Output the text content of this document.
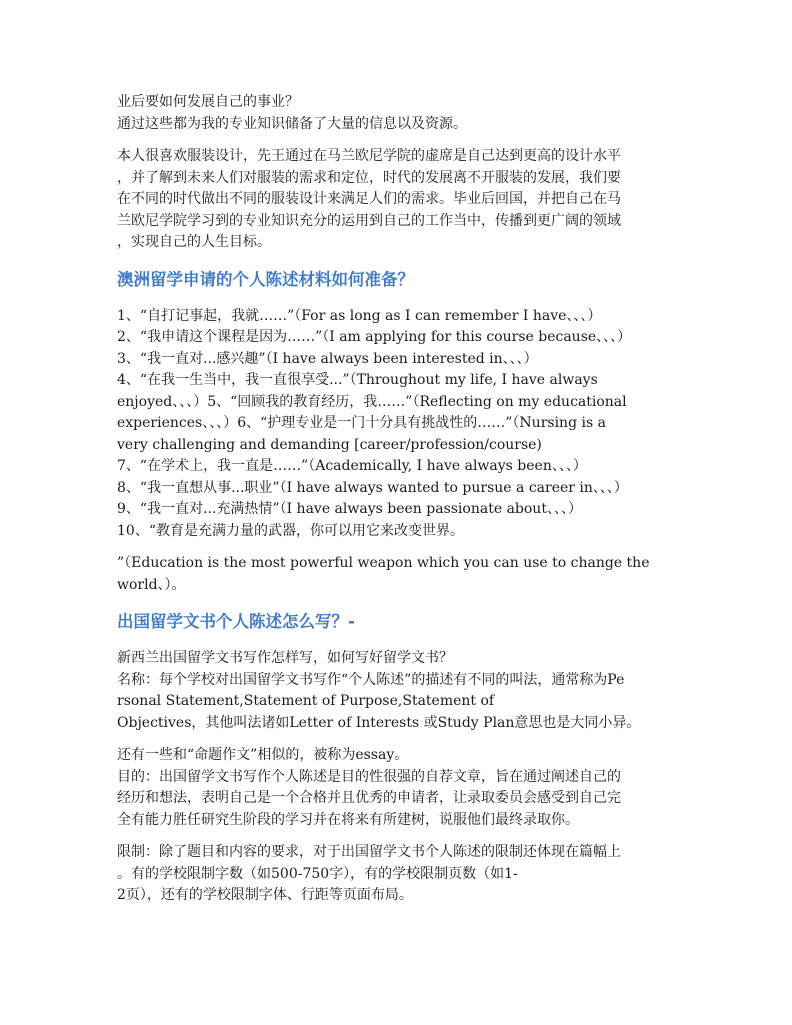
业后要如何发展自己的事业？
通过这些都为我的专业知识储备了大量的信息以及资源。

本人很喜欢服装设计，先王通过在马兰欧尼学院的虚席是自己达到更高的设计水平
，并了解到未来人们对服装的需求和定位，时代的发展离不开服装的发展，我们要
在不同的时代做出不同的服装设计来满足人们的需求。毕业后回国，并把自己在马
兰欧尼学院学习到的专业知识充分的运用到自己的工作当中，传播到更广阔的领域
，实现自己的人生目标。

澳洲留学申请的个人陈述材料如何准备？

1、“自打记事起，我就……”（For as long as I can remember I have、、、）
2、“我申请这个课程是因为……”（I am applying for this course because、、、）
3、“我一直对...感兴趣”（I have always been interested in、、、）
4、“在我一生当中，我一直很享受...”（Throughout my life, I have always
enjoyed、、、）5、“回顾我的教育经历，我……”（Reflecting on my educational
experiences、、、）6、“护理专业是一门十分具有挑战性的……”（Nursing is a
very challenging and demanding [career/profession/course)
7、“在学术上，我一直是……”（Academically, I have always been、、、）
8、“我一直想从事...职业”（I have always wanted to pursue a career in、、、）
9、“我一直对...充满热情”（I have always been passionate about、、、）
10、“教育是充满力量的武器，你可以用它来改变世界。

”（Education is the most powerful weapon which you can use to change the
world、）。

出国留学文书个人陈述怎么写？-

新西兰出国留学文书写作怎样写，如何写好留学文书？
名称：每个学校对出国留学文书写作“个人陈述”的描述有不同的叫法，通常称为Pe
rsonal Statement,Statement of Purpose,Statement of
Objectives，其他叫法诸如Letter of Interests 或Study Plan意思也是大同小异。

还有一些和“命题作文”相似的，被称为essay。
目的：出国留学文书写作个人陈述是目的性很强的自荐文章，旨在通过阐述自己的
经历和想法，表明自己是一个合格并且优秀的申请者，让录取委员会感受到自己完
全有能力胜任研究生阶段的学习并在将来有所建树，说服他们最终录取你。

限制：除了题目和内容的要求，对于出国留学文书个人陈述的限制还体现在篇幅上
。有的学校限制字数（如500-750字），有的学校限制页数（如1-
2页），还有的学校限制字体、行距等页面布局。
